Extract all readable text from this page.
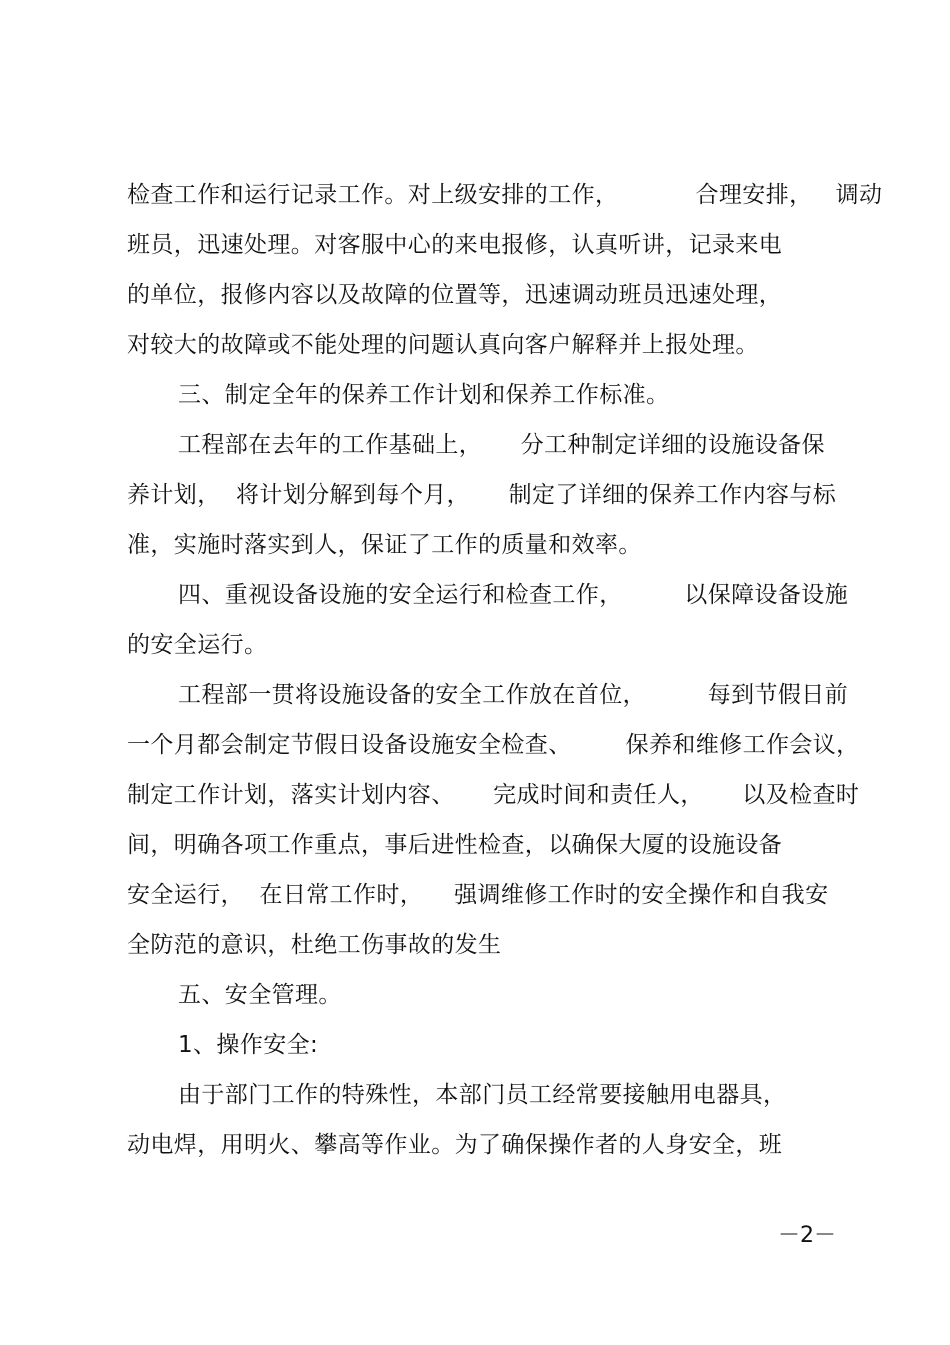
检查工作和运行记录工作。对上级安排的工作，          合理安排，   调动
班员，迅速处理。对客服中心的来电报修，认真听讲，记录来电
的单位，报修内容以及故障的位置等，迅速调动班员迅速处理，
对较大的故障或不能处理的问题认真向客户解释并上报处理。
三、制定全年的保养工作计划和保养工作标准。
工程部在去年的工作基础上，     分工种制定详细的设施设备保
养计划，  将计划分解到每个月，     制定了详细的保养工作内容与标
准，实施时落实到人，保证了工作的质量和效率。
四、重视设备设施的安全运行和检查工作，        以保障设备设施
的安全运行。
工程部一贯将设施设备的安全工作放在首位，        每到节假日前
一个月都会制定节假日设备设施安全检查、       保养和维修工作会议，
制定工作计划，落实计划内容、     完成时间和责任人，     以及检查时
间，明确各项工作重点，事后进性检查，以确保大厦的设施设备
安全运行，  在日常工作时，    强调维修工作时的安全操作和自我安
全防范的意识，杜绝工伤事故的发生
五、安全管理。
1、操作安全:
由于部门工作的特殊性，本部门员工经常要接触用电器具，
动电焊，用明火、攀高等作业。为了确保操作者的人身安全，班
－2－
